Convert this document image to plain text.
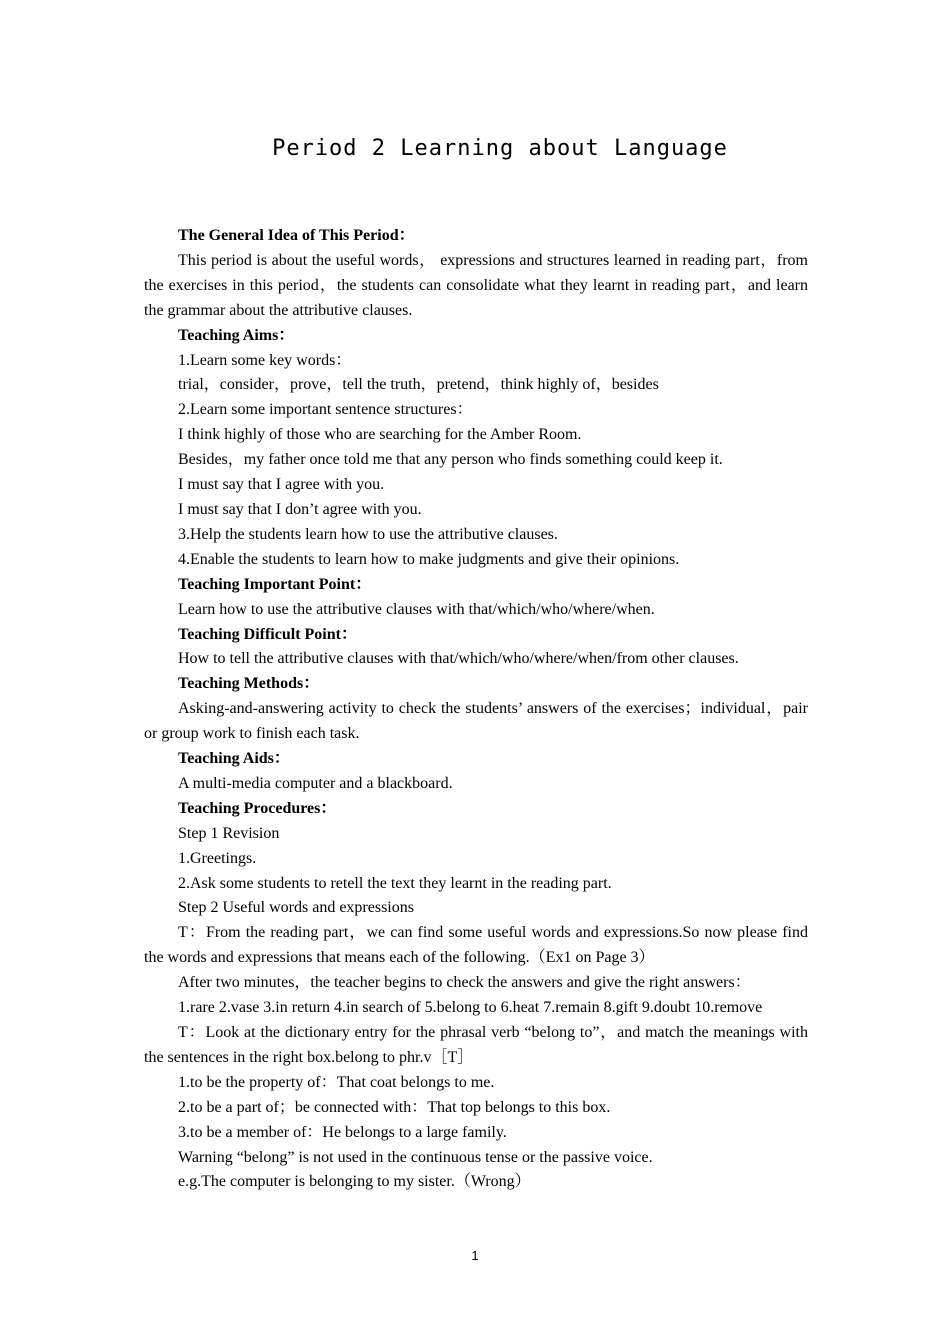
Period 2 Learning about Language

The General Idea of This Period：

This period is about the useful words， expressions and structures learned in reading part，from the exercises in this period，the students can consolidate what they learnt in reading part，and learn the grammar about the attributive clauses.

Teaching Aims：

1.Learn some key words：

trial，consider，prove，tell the truth，pretend，think highly of，besides

2.Learn some important sentence structures：

I think highly of those who are searching for the Amber Room.

Besides，my father once told me that any person who finds something could keep it.

I must say that I agree with you.

I must say that I don’t agree with you.

3.Help the students learn how to use the attributive clauses.

4.Enable the students to learn how to make judgments and give their opinions.

Teaching Important Point：

Learn how to use the attributive clauses with that/which/who/where/when.

Teaching Difficult Point：

How to tell the attributive clauses with that/which/who/where/when/from other clauses.

Teaching Methods：

Asking-and-answering activity to check the students’ answers of the exercises；individual，pair or group work to finish each task.

Teaching Aids：

A multi-media computer and a blackboard.

Teaching Procedures：

Step 1 Revision

1.Greetings.

2.Ask some students to retell the text they learnt in the reading part.

Step 2 Useful words and expressions

T：From the reading part，we can find some useful words and expressions.So now please find the words and expressions that means each of the following.（Ex1 on Page 3）

After two minutes，the teacher begins to check the answers and give the right answers：

1.rare 2.vase 3.in return 4.in search of 5.belong to 6.heat 7.remain 8.gift 9.doubt 10.remove

T：Look at the dictionary entry for the phrasal verb “belong to”，and match the meanings with the sentences in the right box.belong to phr.v［T］

1.to be the property of：That coat belongs to me.

2.to be a part of；be connected with：That top belongs to this box.

3.to be a member of：He belongs to a large family.

Warning “belong” is not used in the continuous tense or the passive voice.

e.g.The computer is belonging to my sister.（Wrong）

1
